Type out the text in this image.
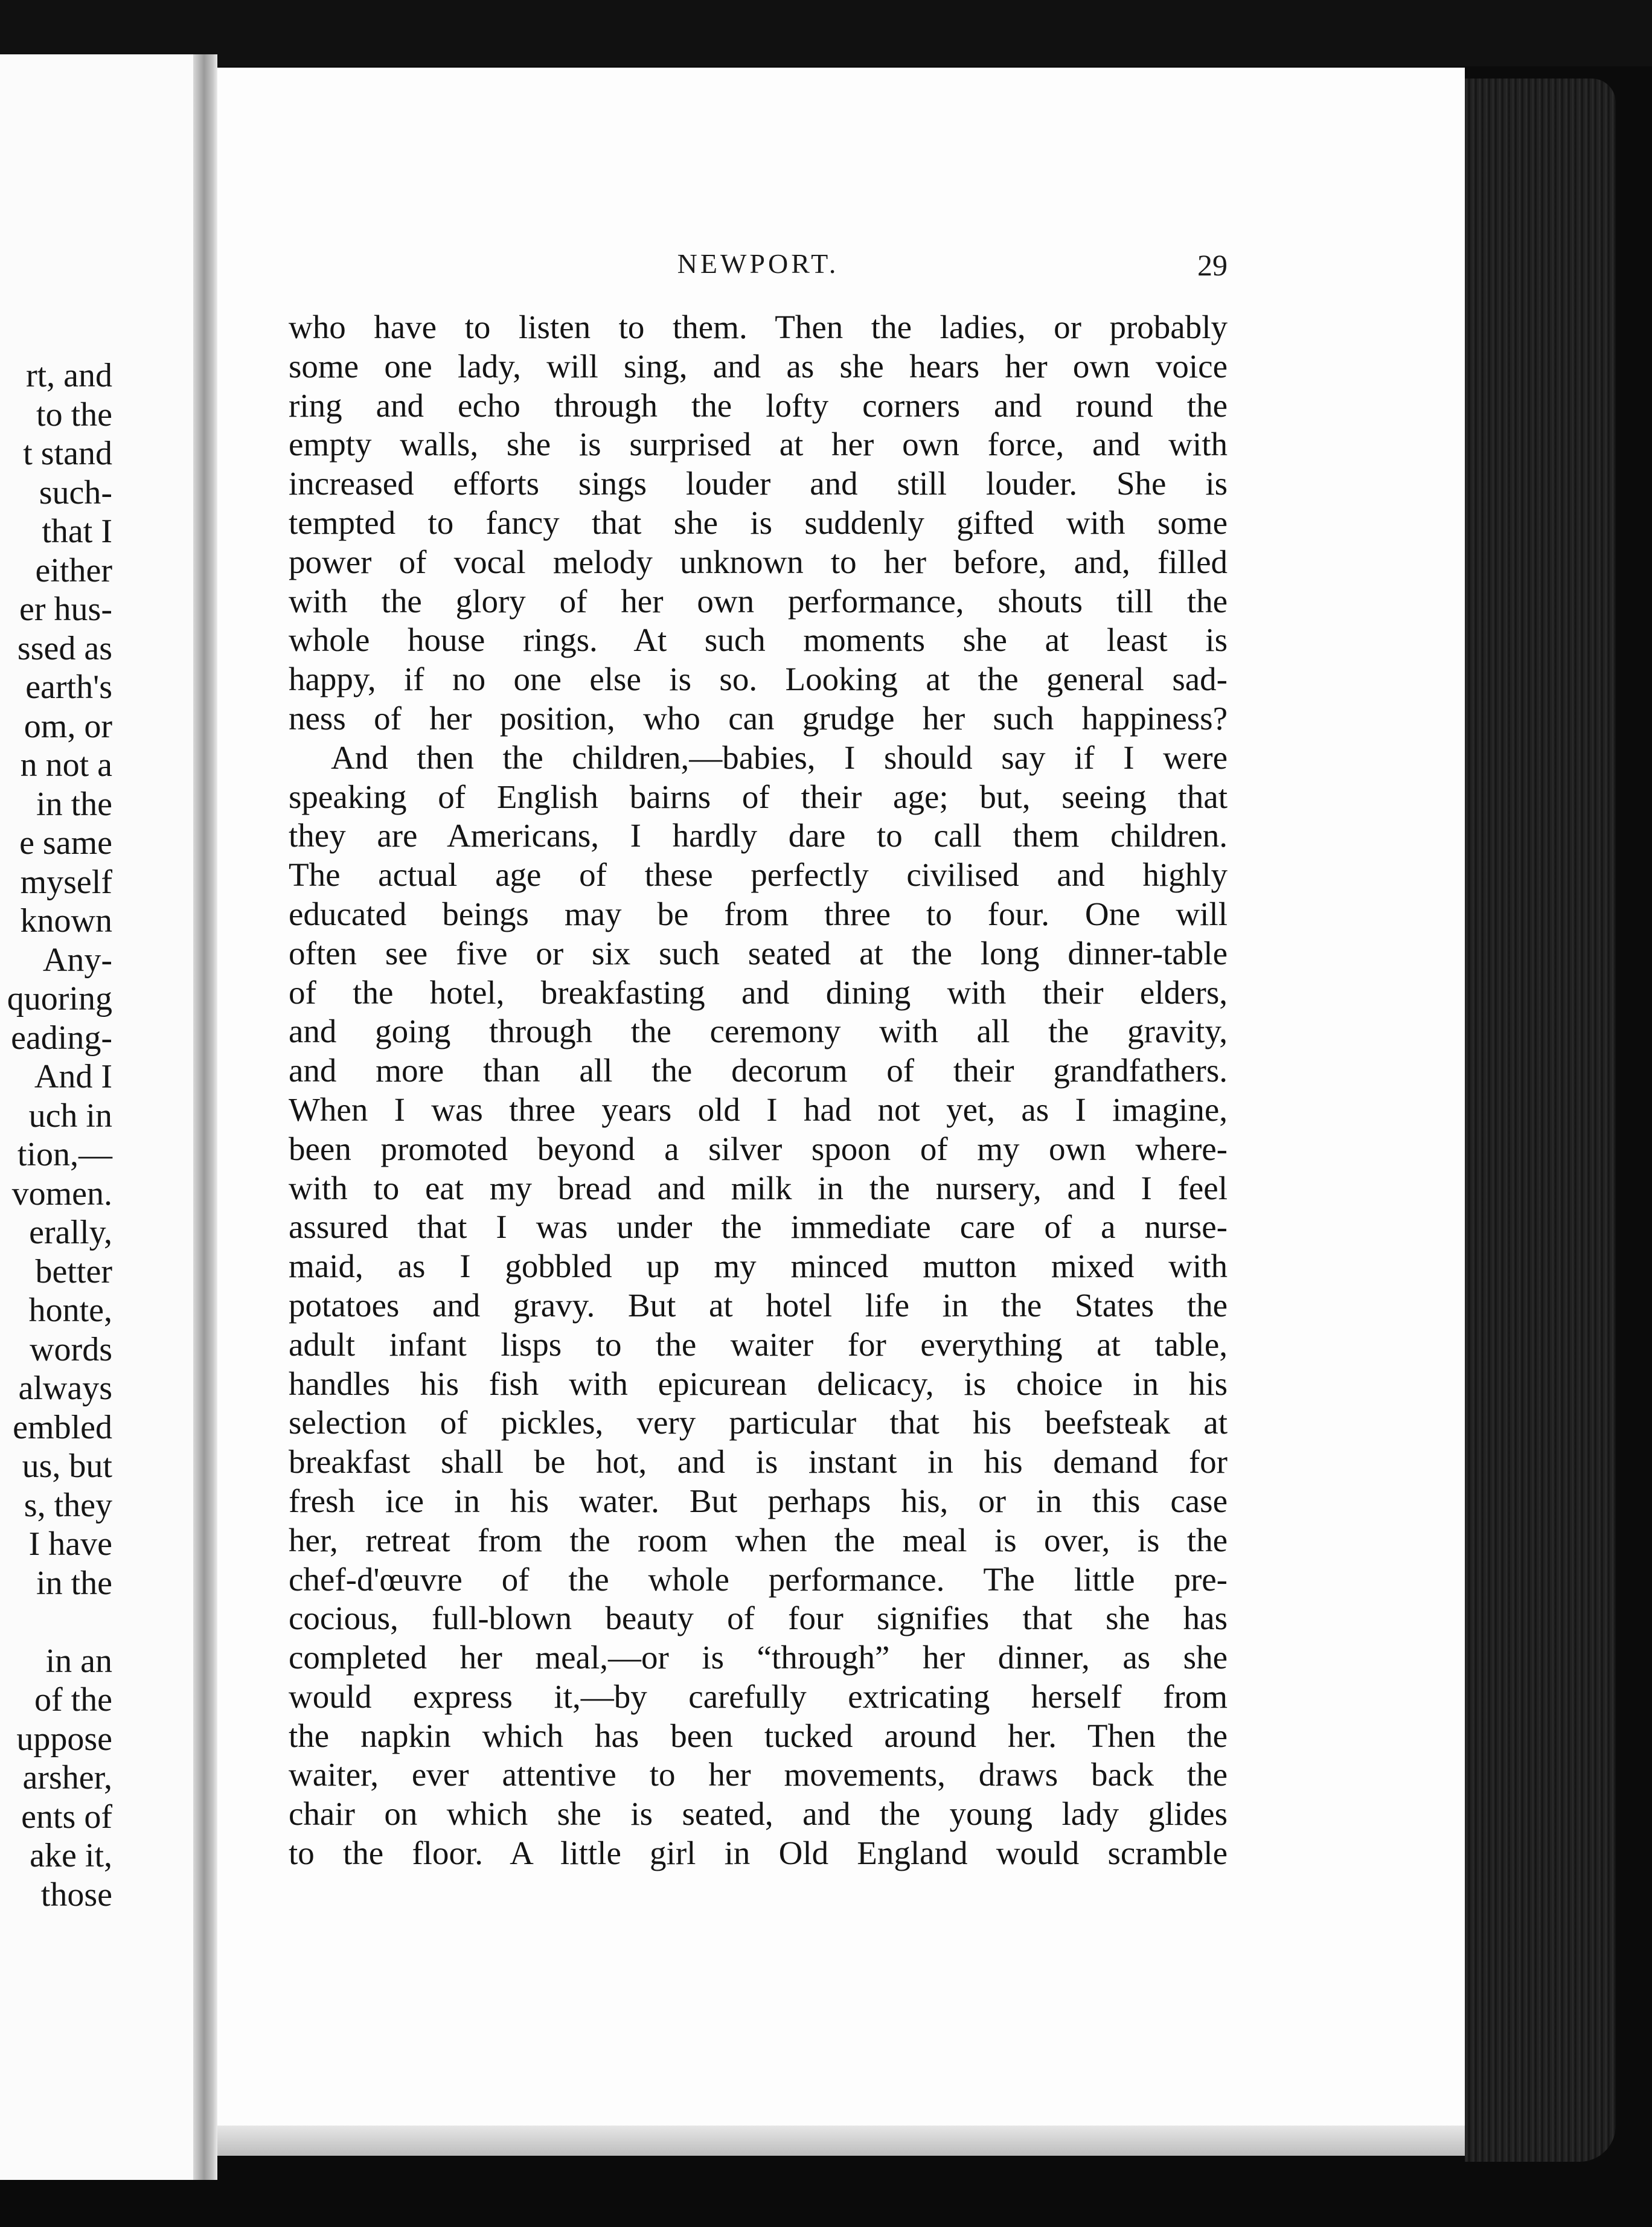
rt, and
to the
t stand
such-
that I
either
er hus-
ssed as
earth's
om, or
n not a
in the
e same
myself
known
Any-
quoring
eading-
And I
uch in
tion,—
vomen.
erally,
better
honte,
words
always
embled
us, but
s, they
I have
in the
in an
of the
uppose
arsher,
ents of
ake it,
those
NEWPORT.	29
who have to listen to them. Then the ladies, or probably
some one lady, will sing, and as she hears her own voice
ring and echo through the lofty corners and round the
empty walls, she is surprised at her own force, and with
increased efforts sings louder and still louder. She is
tempted to fancy that she is suddenly gifted with some
power of vocal melody unknown to her before, and, filled
with the glory of her own performance, shouts till the
whole house rings. At such moments she at least is
happy, if no one else is so. Looking at the general sad-
ness of her position, who can grudge her such happiness?
And then the children,—babies, I should say if I were
speaking of English bairns of their age; but, seeing that
they are Americans, I hardly dare to call them children.
The actual age of these perfectly civilised and highly
educated beings may be from three to four. One will
often see five or six such seated at the long dinner-table
of the hotel, breakfasting and dining with their elders,
and going through the ceremony with all the gravity,
and more than all the decorum of their grandfathers.
When I was three years old I had not yet, as I imagine,
been promoted beyond a silver spoon of my own where-
with to eat my bread and milk in the nursery, and I feel
assured that I was under the immediate care of a nurse-
maid, as I gobbled up my minced mutton mixed with
potatoes and gravy. But at hotel life in the States the
adult infant lisps to the waiter for everything at table,
handles his fish with epicurean delicacy, is choice in his
selection of pickles, very particular that his beefsteak at
breakfast shall be hot, and is instant in his demand for
fresh ice in his water. But perhaps his, or in this case
her, retreat from the room when the meal is over, is the
chef-d'œuvre of the whole performance. The little pre-
cocious, full-blown beauty of four signifies that she has
completed her meal,—or is “through” her dinner, as she
would express it,—by carefully extricating herself from
the napkin which has been tucked around her. Then the
waiter, ever attentive to her movements, draws back the
chair on which she is seated, and the young lady glides
to the floor. A little girl in Old England would scramble
